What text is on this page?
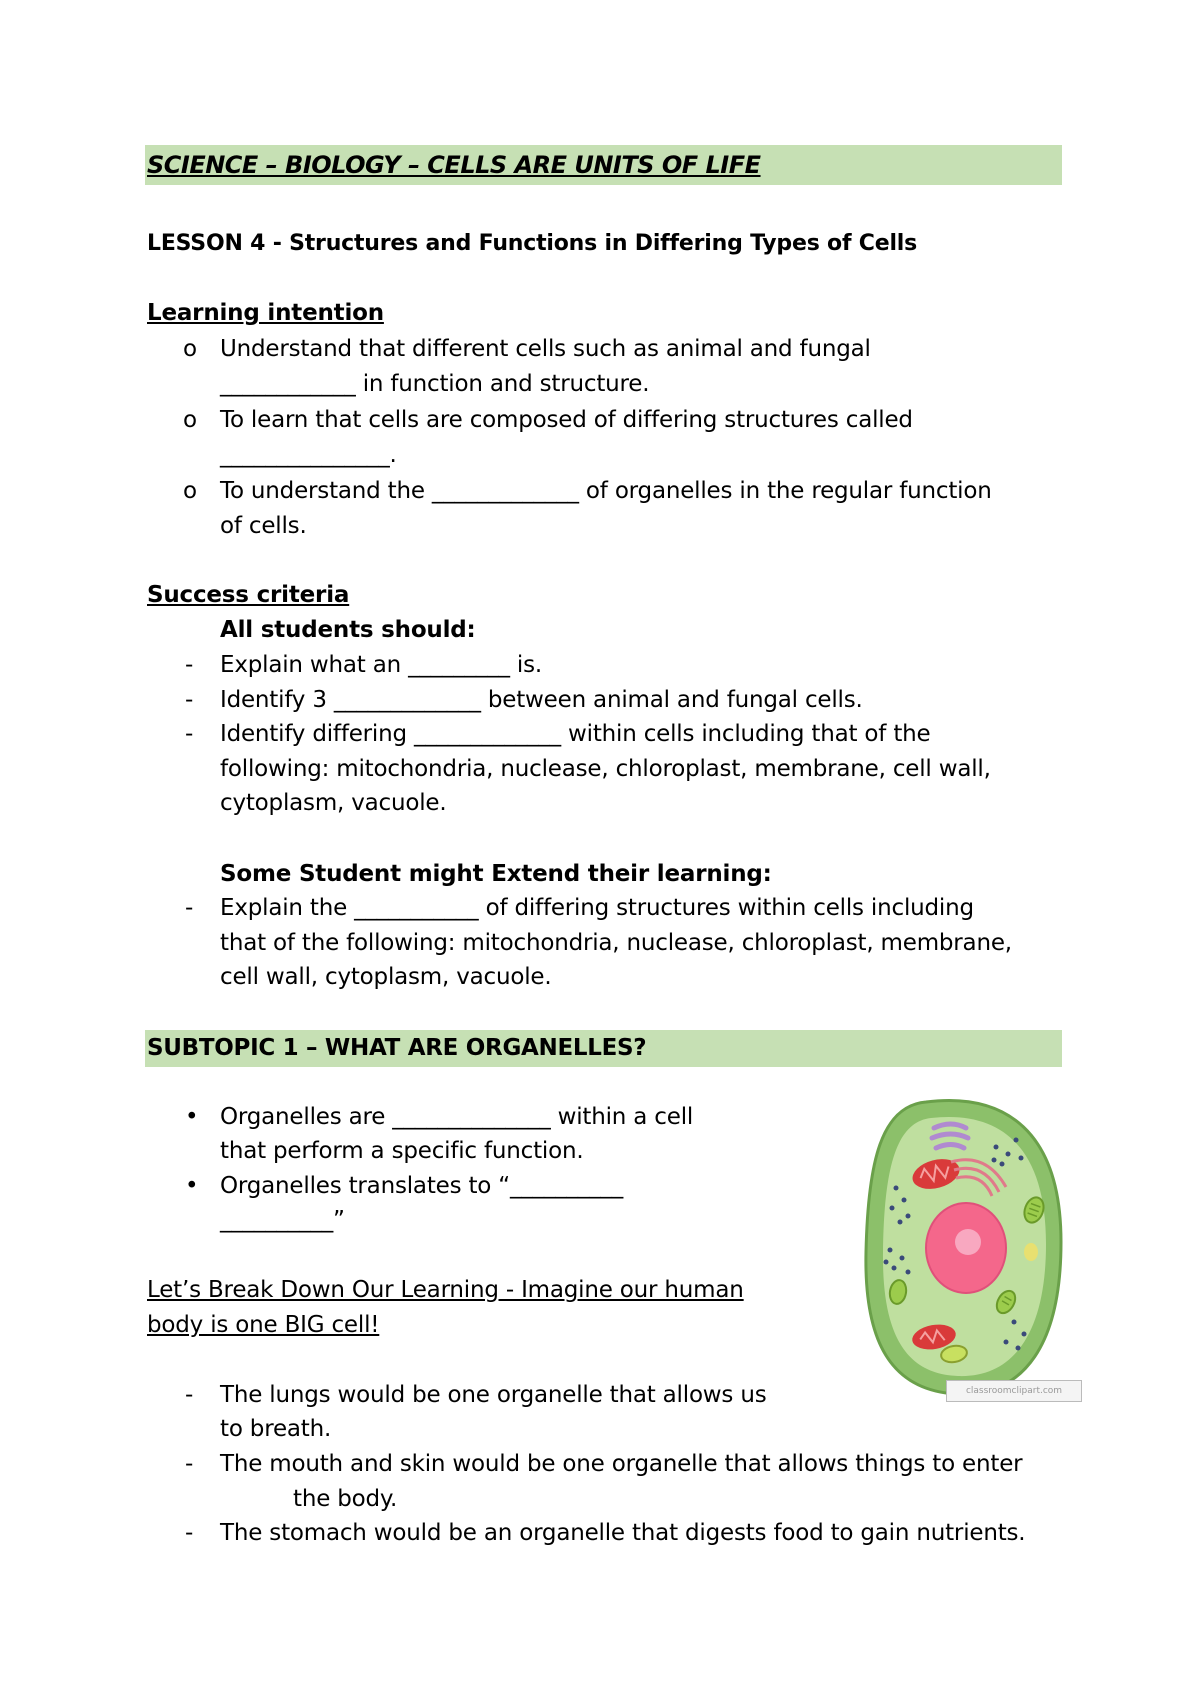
SCIENCE – BIOLOGY – CELLS ARE UNITS OF LIFE
LESSON 4 - Structures and Functions in Differing Types of Cells
Learning intention
o Understand that different cells such as animal and fungal
____________ in function and structure.
o To learn that cells are composed of differing structures called
_______________.
o To understand the _____________ of organelles in the regular function
of cells.
Success criteria
All students should:
- Explain what an _________ is.
- Identify 3 _____________ between animal and fungal cells.
- Identify differing _____________ within cells including that of the
following: mitochondria, nuclease, chloroplast, membrane, cell wall,
cytoplasm, vacuole.
Some Student might Extend their learning:
- Explain the ___________ of differing structures within cells including
that of the following: mitochondria, nuclease, chloroplast, membrane,
cell wall, cytoplasm, vacuole.
SUBTOPIC 1 – WHAT ARE ORGANELLES?
• Organelles are ______________ within a cell
that perform a specific function.
• Organelles translates to “__________
__________”
Let’s Break Down Our Learning - Imagine our human
body is one BIG cell!
- The lungs would be one organelle that allows us
to breath.
- The mouth and skin would be one organelle that allows things to enter
the body.
- The stomach would be an organelle that digests food to gain nutrients.
classroomclipart.com
